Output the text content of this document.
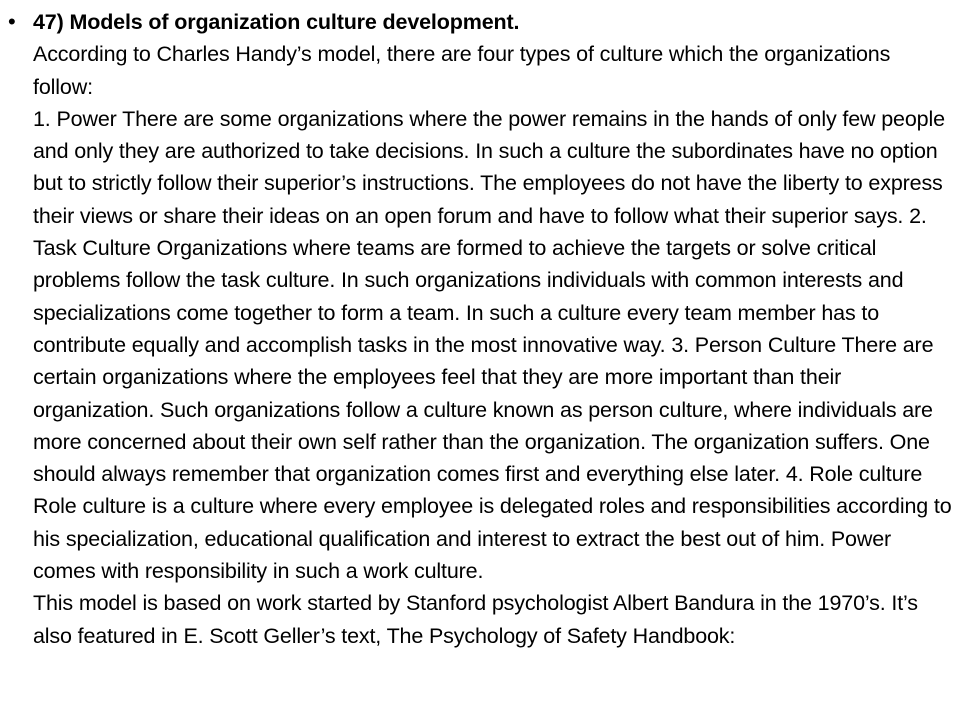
• 47) Models of organization culture development.
According to Charles Handy’s model, there are four types of culture which the organizations follow:
1. Power There are some organizations where the power remains in the hands of only few people and only they are authorized to take decisions. In such a culture the subordinates have no option but to strictly follow their superior’s instructions. The employees do not have the liberty to express their views or share their ideas on an open forum and have to follow what their superior says. 2. Task Culture Organizations where teams are formed to achieve the targets or solve critical problems follow the task culture. In such organizations individuals with common interests and specializations come together to form a team. In such a culture every team member has to contribute equally and accomplish tasks in the most innovative way. 3. Person Culture There are certain organizations where the employees feel that they are more important than their organization. Such organizations follow a culture known as person culture, where individuals are more concerned about their own self rather than the organization. The organization suffers. One should always remember that organization comes first and everything else later. 4. Role culture Role culture is a culture where every employee is delegated roles and responsibilities according to his specialization, educational qualification and interest to extract the best out of him. Power comes with responsibility in such a work culture.
This model is based on work started by Stanford psychologist Albert Bandura in the 1970’s. It’s also featured in E. Scott Geller’s text, The Psychology of Safety Handbook:
